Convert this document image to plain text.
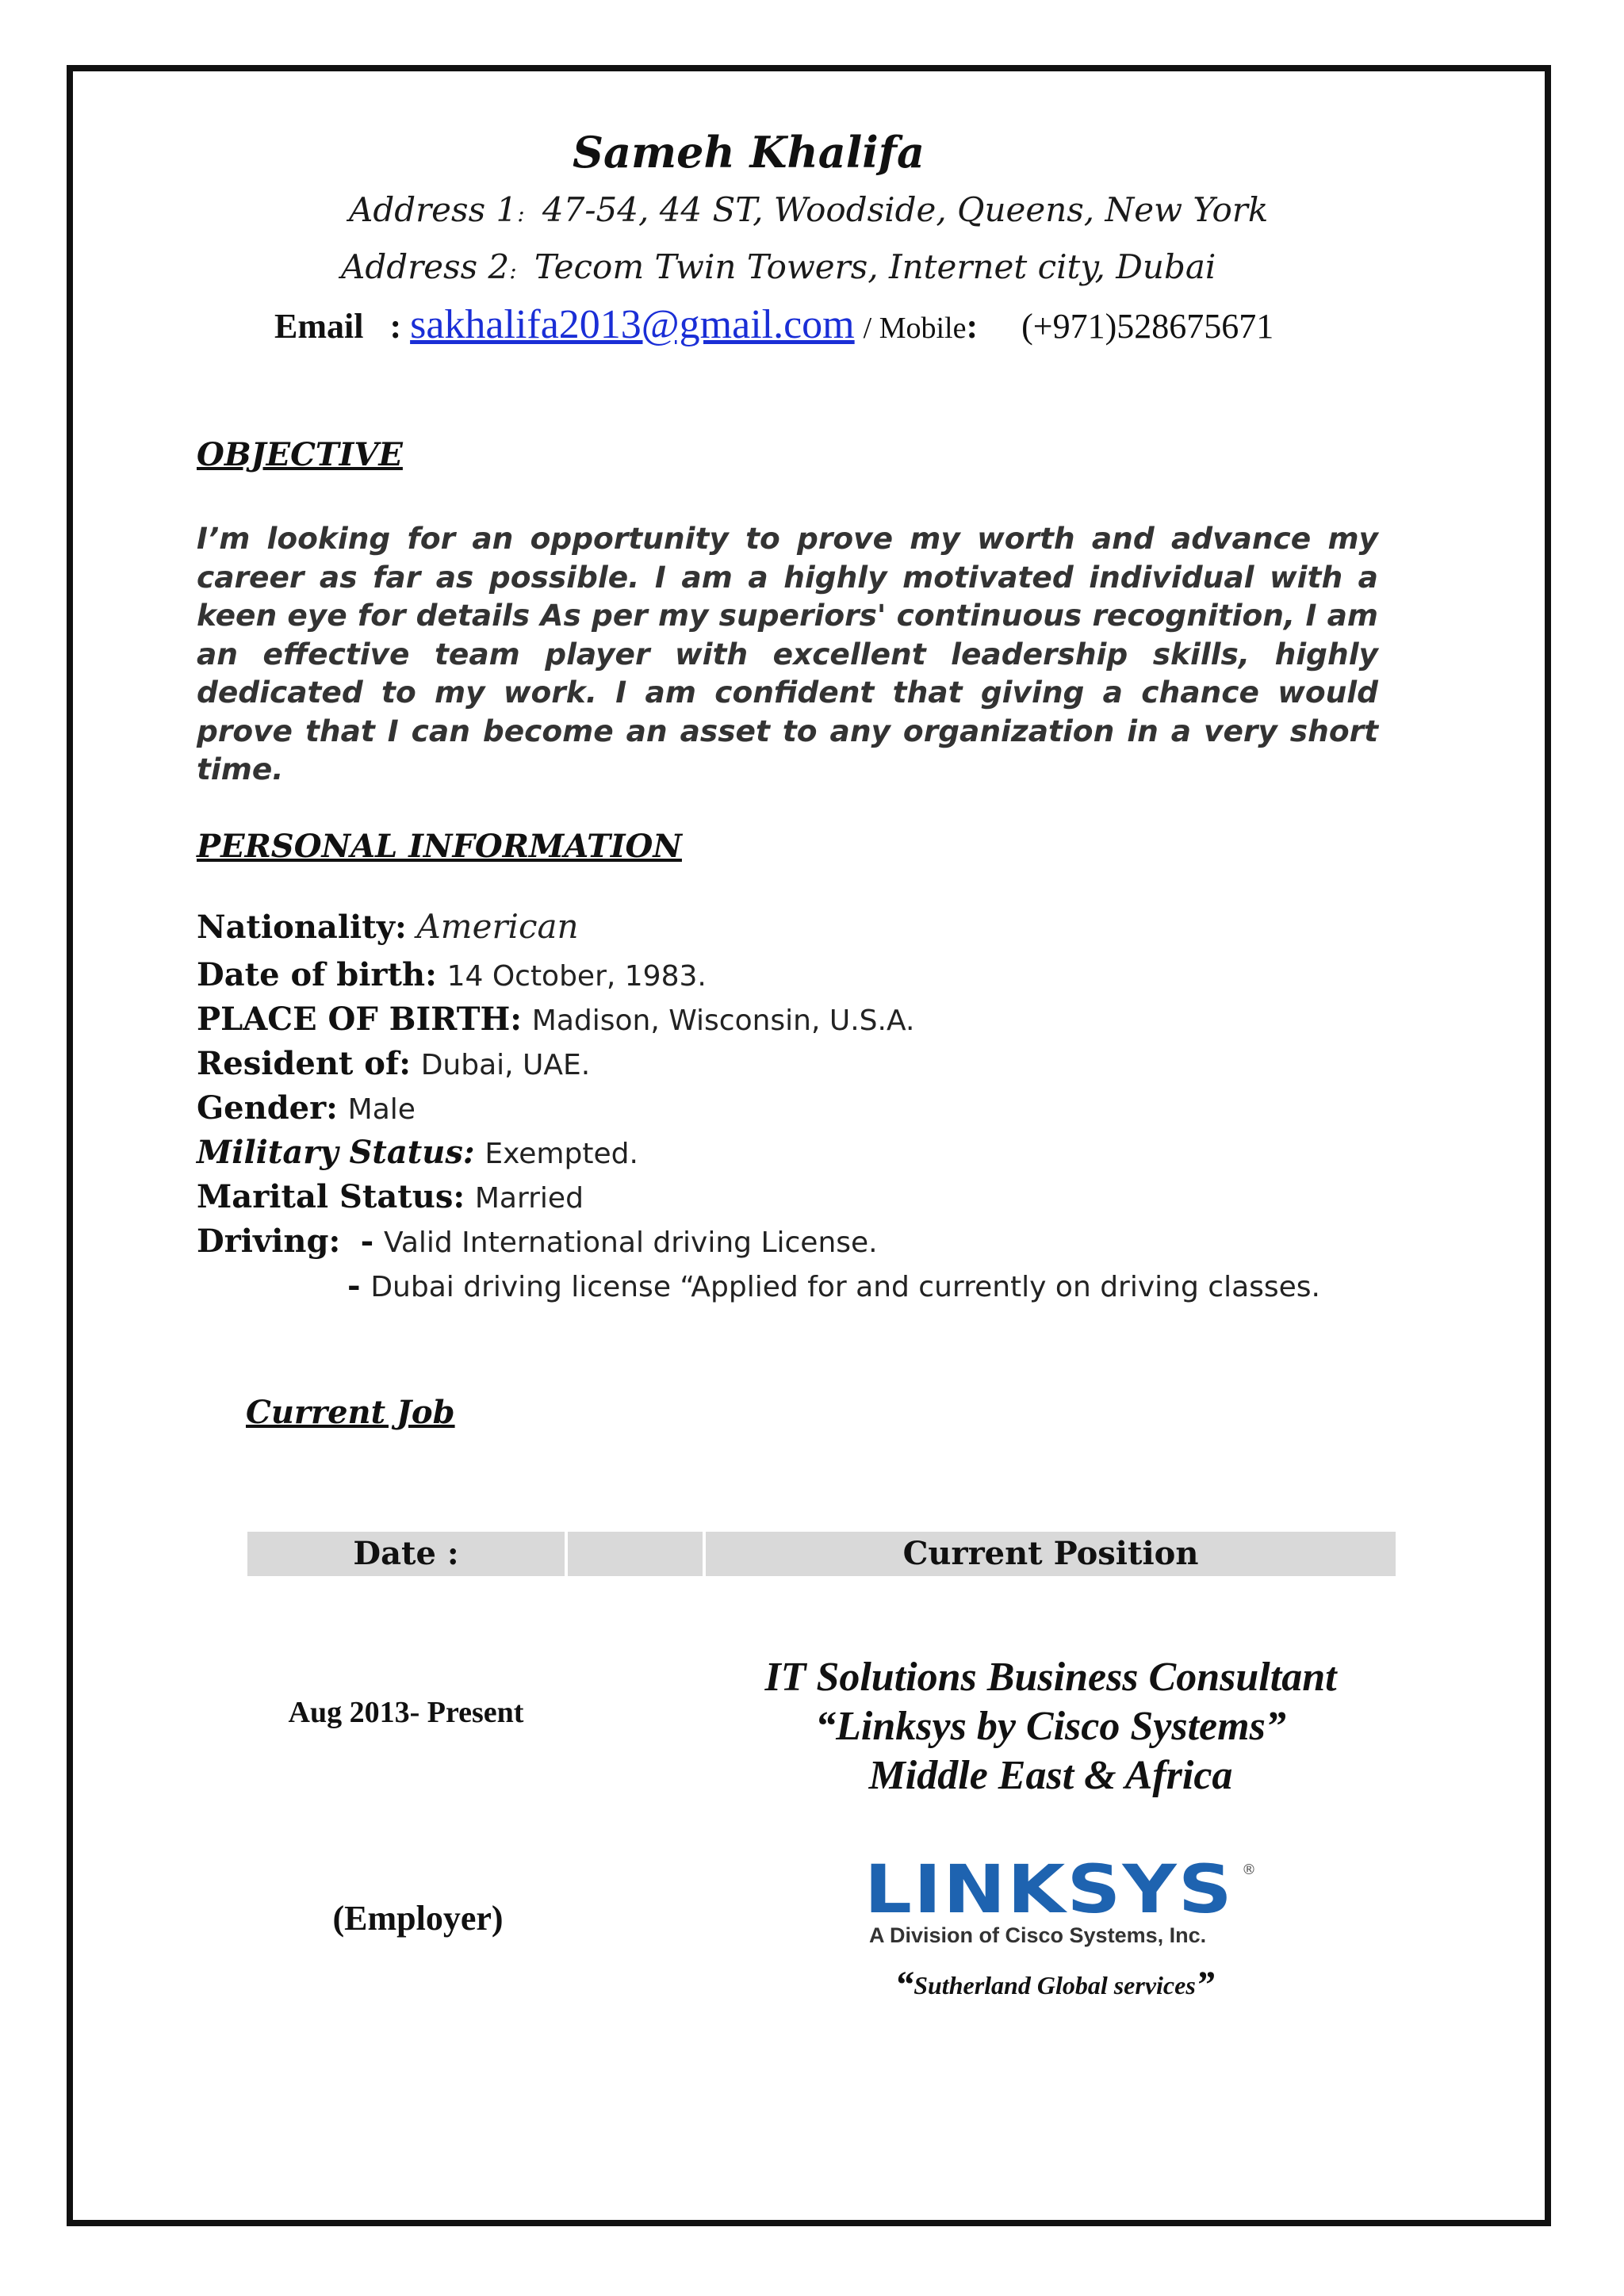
Sameh Khalifa
Address 1:  47-54, 44 ST, Woodside, Queens, New York
Address 2:  Tecom Twin Towers, Internet city, Dubai
Email : sakhalifa2013@gmail.com / Mobile: (+971)528675671
OBJECTIVE
I’m looking for an opportunity to prove my worth and advance my career as far as possible. I am a highly motivated individual with a keen eye for details As per my superiors' continuous recognition, I am an effective team player with excellent leadership skills, highly dedicated to my work. I am confident that giving a chance would prove that I can become an asset to any organization in a very short time.
PERSONAL INFORMATION
Nationality: American
Date of birth: 14 October, 1983.
PLACE OF BIRTH: Madison, Wisconsin, U.S.A.
Resident of: Dubai, UAE.
Gender: Male
Military Status: Exempted.
Marital Status: Married
Driving: - Valid International driving License.
- Dubai driving license “Applied for and currently on driving classes.
Current Job
Date :	Current Position
Aug 2013- Present
IT Solutions Business Consultant
“Linksys by Cisco Systems”
Middle East & Africa
(Employer)	LINKSYS ®
A Division of Cisco Systems, Inc.
“Sutherland Global services”
